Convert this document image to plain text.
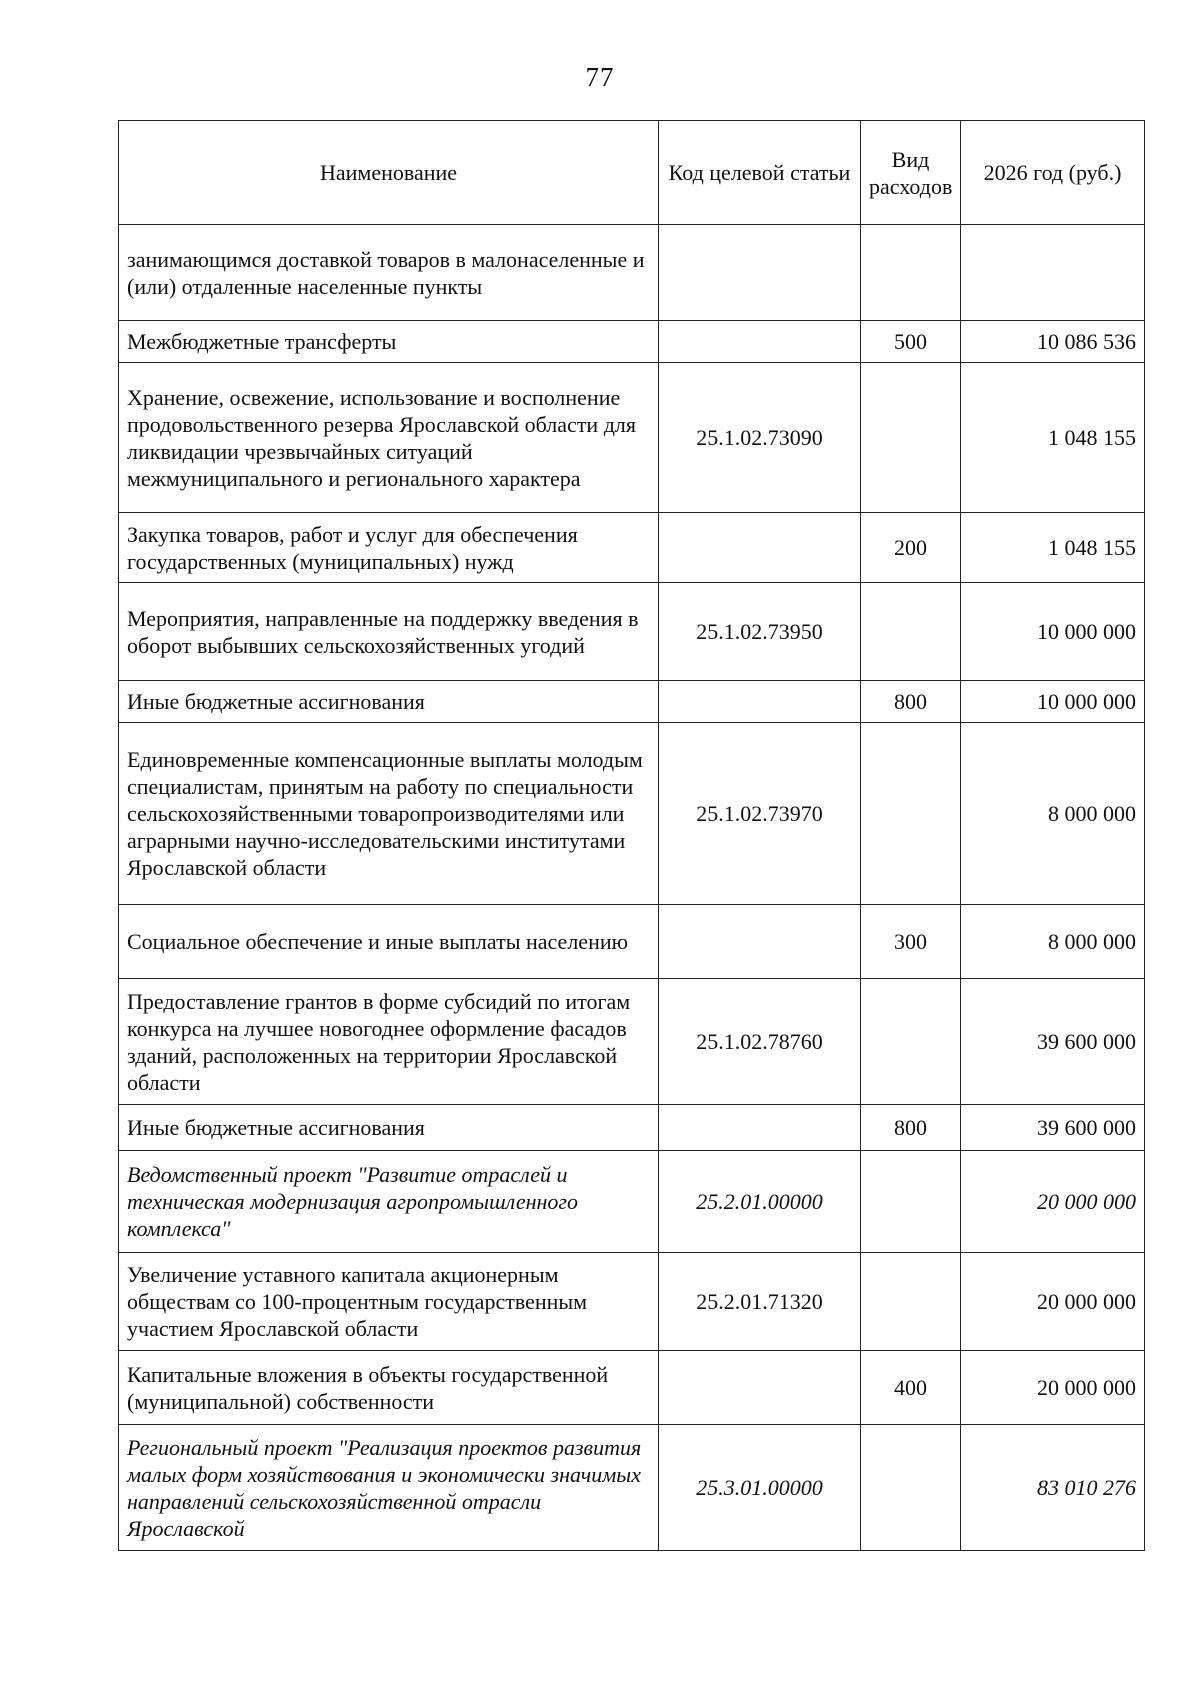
77
Наименование	Код целевой статьи	Вид расходов	2026 год (руб.)
занимающимся доставкой товаров в малонаселенные и (или) отдаленные населенные пункты			
Межбюджетные трансферты		500	10 086 536
Хранение, освежение, использование и восполнение продовольственного резерва Ярославской области для ликвидации чрезвычайных ситуаций межмуниципального и регионального характера	25.1.02.73090		1 048 155
Закупка товаров, работ и услуг для обеспечения государственных (муниципальных) нужд		200	1 048 155
Мероприятия, направленные на поддержку введения в оборот выбывших сельскохозяйственных угодий	25.1.02.73950		10 000 000
Иные бюджетные ассигнования		800	10 000 000
Единовременные компенсационные выплаты молодым специалистам, принятым на работу по специальности сельскохозяйственными товаропроизводителями или аграрными научно-исследовательскими институтами Ярославской области	25.1.02.73970		8 000 000
Социальное обеспечение и иные выплаты населению		300	8 000 000
Предоставление грантов в форме субсидий по итогам конкурса на лучшее новогоднее оформление фасадов зданий, расположенных на территории Ярославской области	25.1.02.78760		39 600 000
Иные бюджетные ассигнования		800	39 600 000
Ведомственный проект "Развитие отраслей и техническая модернизация агропромышленного комплекса"	25.2.01.00000		20 000 000
Увеличение уставного капитала акционерным обществам со 100-процентным государственным участием Ярославской области	25.2.01.71320		20 000 000
Капитальные вложения в объекты государственной (муниципальной) собственности		400	20 000 000
Региональный проект "Реализация проектов развития малых форм хозяйствования и экономически значимых направлений сельскохозяйственной отрасли Ярославской	25.3.01.00000		83 010 276
